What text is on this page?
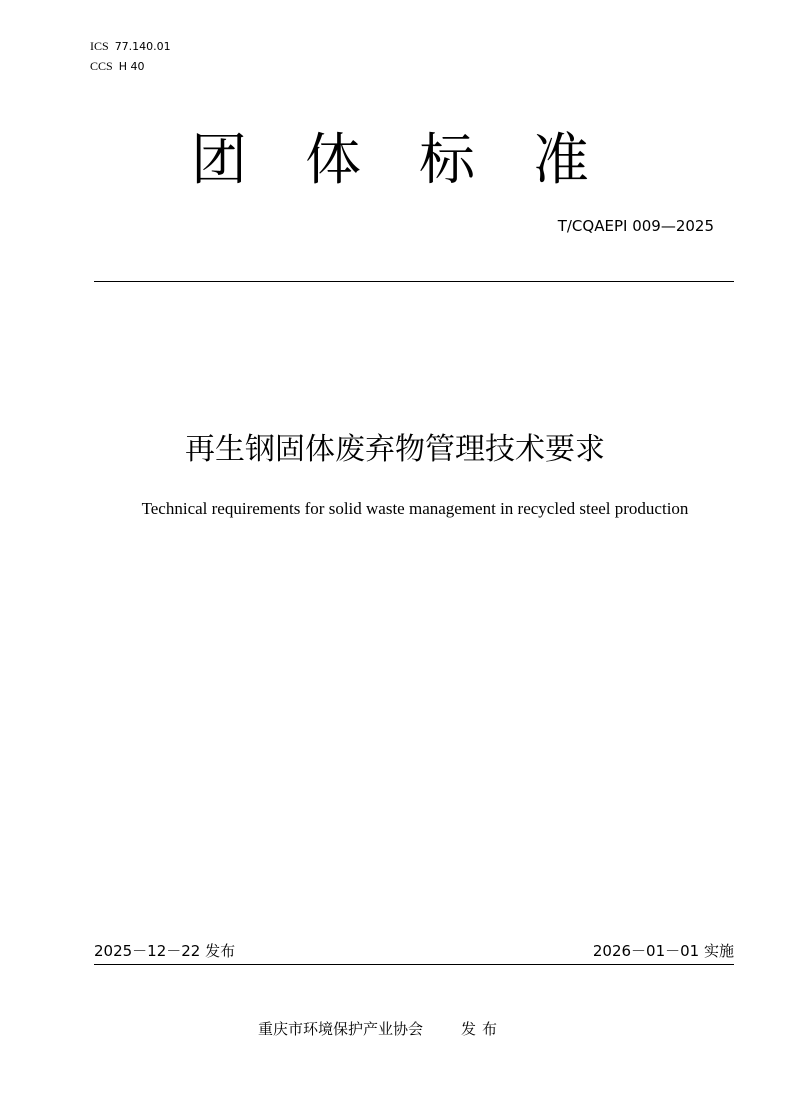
ICS 77.140.01
CCS H 40
团体标准
T/CQAEPI 009—2025
再生钢固体废弃物管理技术要求
Technical requirements for solid waste management in recycled steel production
2025－12－22 发布	2026－01－01 实施
重庆市环境保护产业协会	发布
